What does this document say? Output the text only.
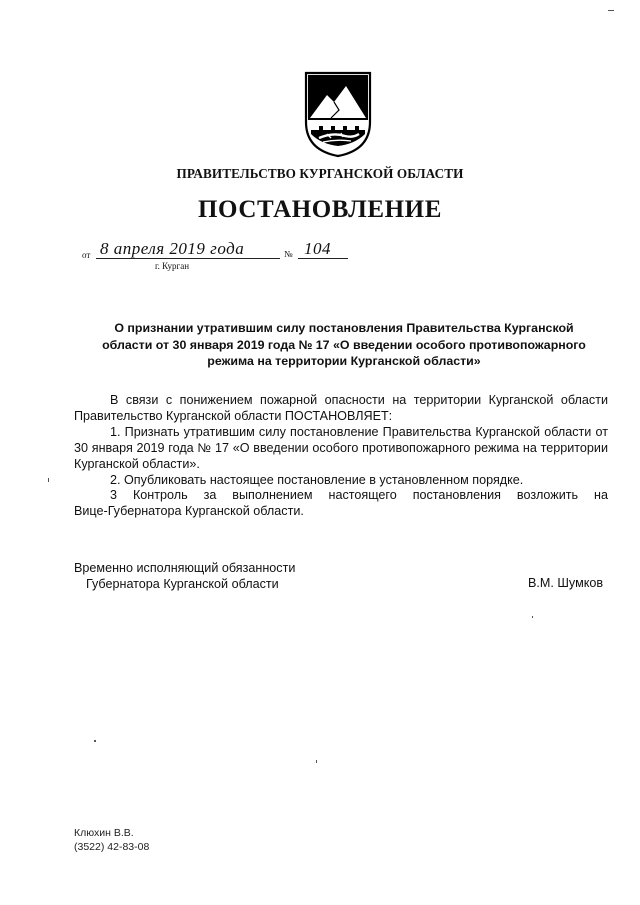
ПРАВИТЕЛЬСТВО КУРГАНСКОЙ ОБЛАСТИ
ПОСТАНОВЛЕНИЕ
от 8 апреля 2019 года	№ 104
г. Курган
О признании утратившим силу постановления Правительства Курганской
области от 30 января 2019 года № 17 «О введении особого противопожарного
режима на территории Курганской области»

В связи с понижением пожарной опасности на территории Курганской области Правительство Курганской области ПОСТАНОВЛЯЕТ:

1. Признать утратившим силу постановление Правительства Курганской области от 30 января 2019 года № 17 «О введении особого противопожарного режима на территории Курганской области».

2. Опубликовать настоящее постановление в установленном порядке.

3 Контроль за выполнением настоящего постановления возложить на

Вице-Губернатора Курганской области.

Временно исполняющий обязанности
Губернатора Курганской области	В.М. Шумков
Клюхин В.В.
(3522) 42-83-08
